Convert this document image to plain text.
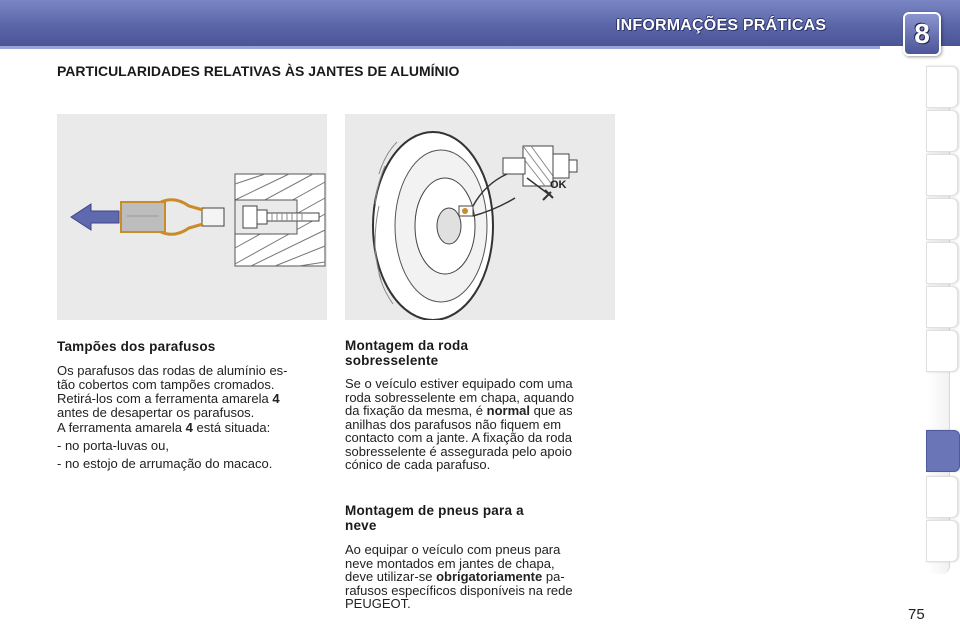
INFORMAÇÕES PRÁTICAS	8
PARTICULARIDADES RELATIVAS ÀS JANTES DE ALUMÍNIO
OK
Tampões dos parafusos
Os parafusos das rodas de alumínio es-
tão cobertos com tampões cromados.
Retirá-los com a ferramenta amarela 4
antes de desapertar os parafusos.
A ferramenta amarela 4 está situada:
- no porta-luvas ou,
- no estojo de arrumação do macaco.
Montagem da roda
sobresselente
Se o veículo estiver equipado com uma
roda sobresselente em chapa, aquando
da fixação da mesma, é normal que as
anilhas dos parafusos não fiquem em
contacto com a jante. A fixação da roda
sobresselente é assegurada pelo apoio
cónico de cada parafuso.
Montagem de pneus para a
neve
Ao equipar o veículo com pneus para
neve montados em jantes de chapa,
deve utilizar-se obrigatoriamente pa-
rafusos específicos disponíveis na rede
PEUGEOT.
75
